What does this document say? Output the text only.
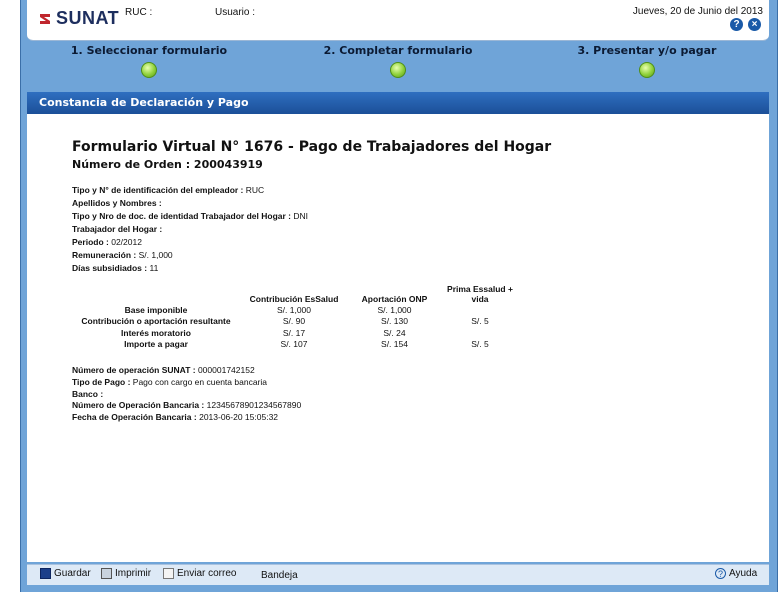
SUNAT RUC :	Usuario :	Jueves, 20 de Junio del 2013
?	×
1. Seleccionar formulario	2. Completar formulario	3. Presentar y/o pagar
Constancia de Declaración y Pago
Formulario Virtual N° 1676 - Pago de Trabajadores del Hogar
Número de Orden : 200043919
Tipo y N° de identificación del empleador : RUC
Apellidos y Nombres :
Tipo y Nro de doc. de identidad Trabajador del Hogar : DNI
Trabajador del Hogar :
Periodo : 02/2012
Remuneración : S/. 1,000
Días subsidiados : 11
	Contribución EsSalud	Aportación ONP	Prima Essalud + vida
Base imponible	S/. 1,000	S/. 1,000	
Contribución o aportación resultante	S/. 90	S/. 130	S/. 5
Interés moratorio	S/. 17	S/. 24	
Importe a pagar	S/. 107	S/. 154	S/. 5
Número de operación SUNAT : 000001742152
Tipo de Pago : Pago con cargo en cuenta bancaria
Banco :
Número de Operación Bancaria : 12345678901234567890
Fecha de Operación Bancaria : 2013-06-20 15:05:32
Guardar Imprimir	Enviar correo Bandeja	? Ayuda
